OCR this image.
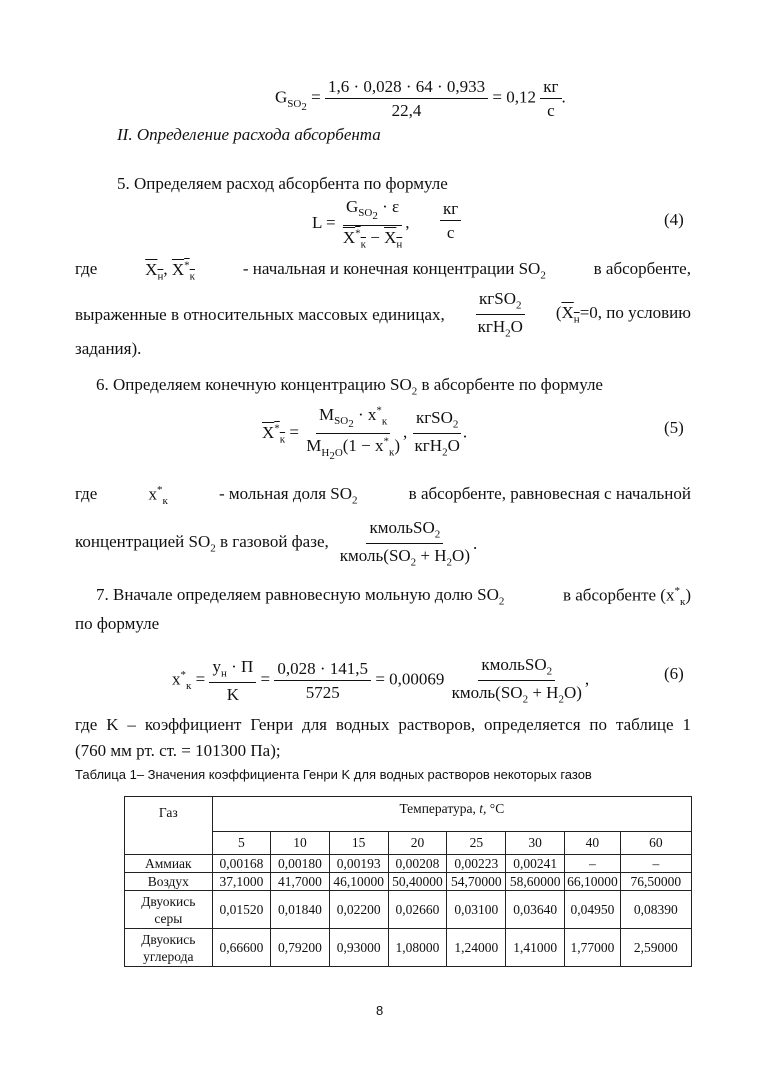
$G_{SO_2} = \frac{1,6 \cdot 0,028 \cdot 64 \cdot 0,933}{22,4} = 0,12 \frac{кг}{с}$ .
II. Определение расхода абсорбента
5. Определяем расход абсорбента по формуле
$L = \frac{G_{SO_2} \cdot \varepsilon}{X^*_к - X_н}$ , $\frac{кг}{с}$	(4)
где	$X_н$, $X^*_к$	- начальная и конечная концентрации $SO_2$	в абсорбенте,
выраженные в относительных массовых единицах, $\frac{кгSO_2}{кгH_2O} (X_н=0$, по условию
задания).
6. Определяем конечную концентрацию $SO_2$ в абсорбенте по формуле
$X^*_к = \frac{M_{SO_2} \cdot x^*_к}{M_{H_2O}(1 - x^*_к)}$ , $\frac{кгSO_2}{кгH_2O}$ .	(5)
где	$x^*_к$	- мольная доля $SO_2$	в абсорбенте, равновесная с начальной
концентрацией $SO_2$ в газовой фазе, $\frac{кмольSO_2}{кмоль(SO_2 + H_2O)}$ .
7. Вначале определяем равновесную мольную долю $SO_2$	в абсорбенте $(x^*_к)$
по формуле
$x^*_к = \frac{y_н \cdot П}{K} = \frac{0,028 \cdot 141,5}{5725} = 0,00069 \frac{кмольSO_2}{кмоль(SO_2 + H_2O)}$ ,	(6)
где K – коэффициент Генри для водных растворов, определяется по таблице 1
(760 мм рт. ст. = 101300 Па);
Таблица 1– Значения коэффициента Генри K для водных растворов некоторых газов
Газ	Температура, t, °С							
	5	10	15	20	25	30	40	60
Аммиак	0,00168	0,00180	0,00193	0,00208	0,00223	0,00241	–	–
Воздух	37,1000	41,7000	46,10000	50,40000	54,70000	58,60000	66,10000	76,50000
Двуокись серы	0,01520	0,01840	0,02200	0,02660	0,03100	0,03640	0,04950	0,08390
Двуокись углерода	0,66600	0,79200	0,93000	1,08000	1,24000	1,41000	1,77000	2,59000
8
